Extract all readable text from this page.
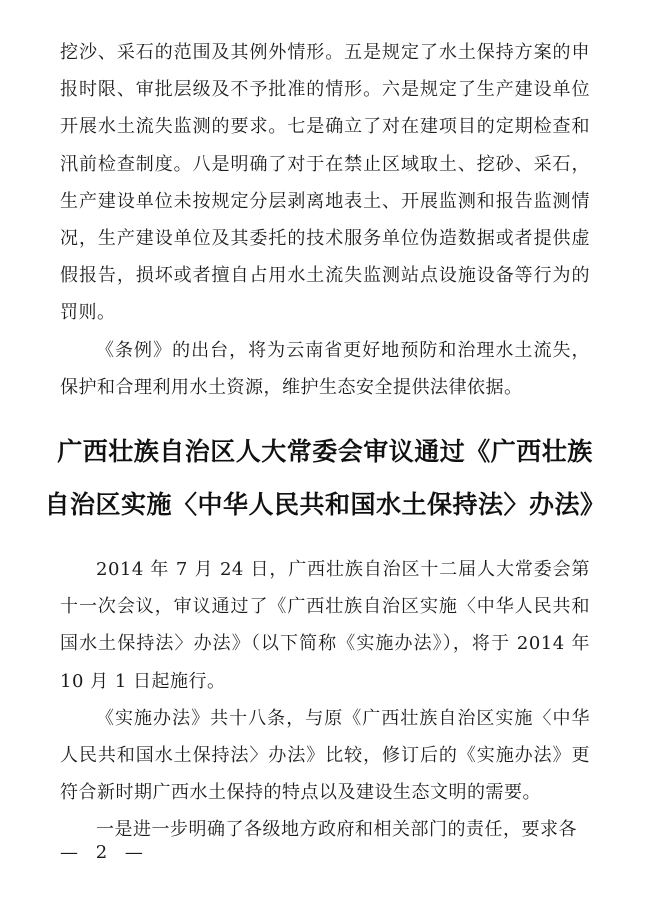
挖沙、采石的范围及其例外情形。五是规定了水土保持方案的申报时限、审批层级及不予批准的情形。六是规定了生产建设单位开展水土流失监测的要求。七是确立了对在建项目的定期检查和汛前检查制度。八是明确了对于在禁止区域取土、挖砂、采石，生产建设单位未按规定分层剥离地表土、开展监测和报告监测情况，生产建设单位及其委托的技术服务单位伪造数据或者提供虚假报告，损坏或者擅自占用水土流失监测站点设施设备等行为的罚则。

《条例》的出台，将为云南省更好地预防和治理水土流失，保护和合理利用水土资源，维护生态安全提供法律依据。

广西壮族自治区人大常委会审议通过《广西壮族
自治区实施〈中华人民共和国水土保持法〉办法》

2014 年 7 月 24 日，广西壮族自治区十二届人大常委会第十一次会议，审议通过了《广西壮族自治区实施〈中华人民共和国水土保持法〉办法》（以下简称《实施办法》），将于 2014 年 10 月 1 日起施行。

《实施办法》共十八条，与原《广西壮族自治区实施〈中华人民共和国水土保持法〉办法》比较，修订后的《实施办法》更符合新时期广西水土保持的特点以及建设生态文明的需要。

一是进一步明确了各级地方政府和相关部门的责任，要求各

— 2 —
